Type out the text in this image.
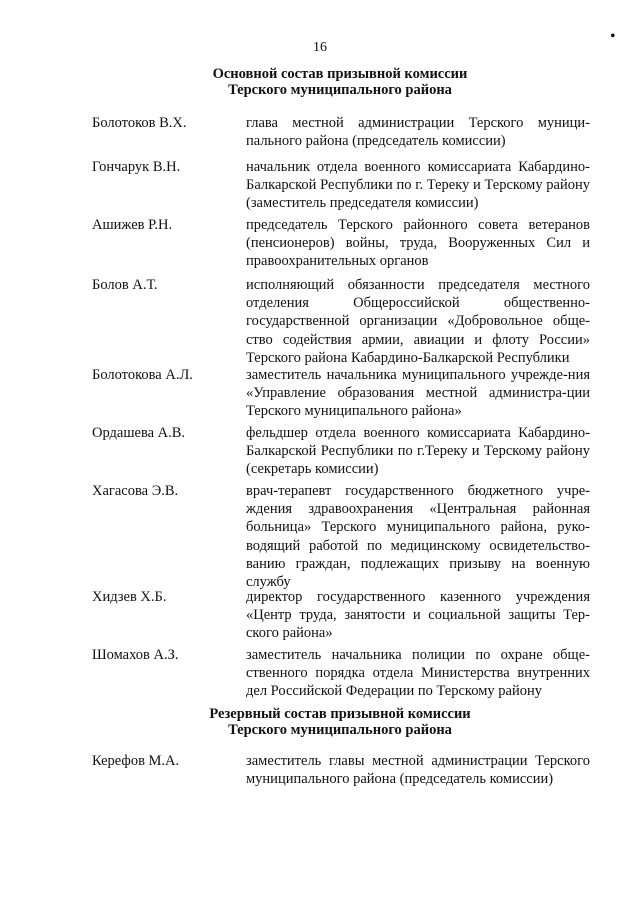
16
•
Основной состав призывной комиссии
Терского муниципального района
Болотоков В.Х.	глава местной администрации Терского муници-пального района (председатель комиссии)
Гончарук В.Н.	начальник отдела военного комиссариата Кабардино-Балкарской Республики по г. Тереку и Терскому району (заместитель председателя комиссии)
Ашижев Р.Н.	председатель Терского районного совета ветеранов (пенсионеров) войны, труда, Вооруженных Сил и правоохранительных органов
Болов А.Т.	исполняющий обязанности председателя местного отделения Общероссийской общественно-государственной организации «Добровольное обще-ство содействия армии, авиации и флоту России» Терского района Кабардино-Балкарской Республики
Болотокова А.Л.	заместитель начальника муниципального учрежде-ния «Управление образования местной администра-ции Терского муниципального района»
Ордашева А.В.	фельдшер отдела военного комиссариата Кабардино-Балкарской Республики по г.Тереку и Терскому району (секретарь комиссии)
Хагасова Э.В.	врач-терапевт государственного бюджетного учре-ждения здравоохранения «Центральная районная больница» Терского муниципального района, руко-водящий работой по медицинскому освидетельство-ванию граждан, подлежащих призыву на военную службу
Хидзев Х.Б.	директор государственного казенного учреждения «Центр труда, занятости и социальной защиты Тер-ского района»
Шомахов А.З.	заместитель начальника полиции по охране обще-ственного порядка отдела Министерства внутренних дел Российской Федерации по Терскому району
Резервный состав призывной комиссии
Терского муниципального района
Керефов М.А.	заместитель главы местной администрации Терского муниципального района (председатель комиссии)
